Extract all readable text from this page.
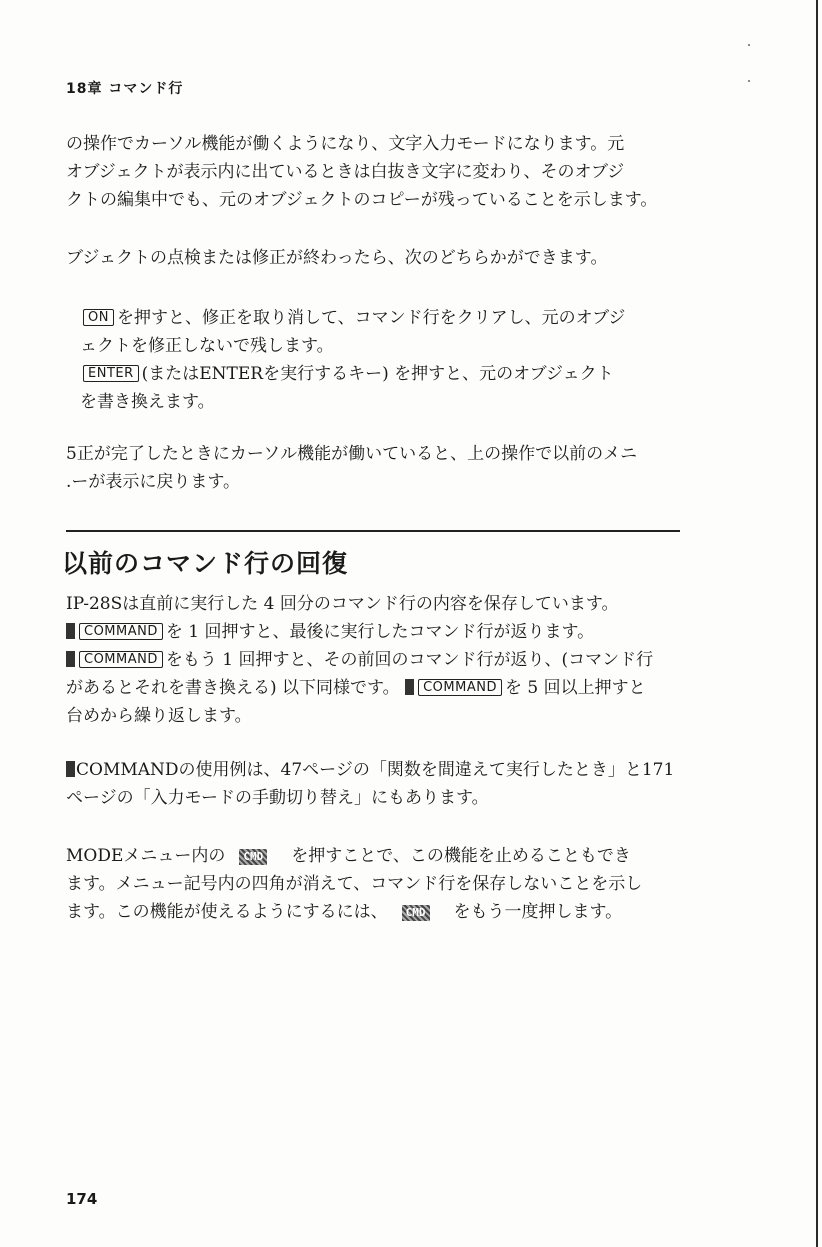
18章 コマンド行
の操作でカーソル機能が働くようになり、文字入力モードになります。元
オブジェクトが表示内に出ているときは白抜き文字に変わり、そのオブジ
クトの編集中でも、元のオブジェクトのコピーが残っていることを示します。
ブジェクトの点検または修正が終わったら、次のどちらかができます。
ON を押すと、修正を取り消して、コマンド行をクリアし、元のオブジ
ェクトを修正しないで残します。
ENTER (またはENTERを実行するキー) を押すと、元のオブジェクト
を書き換えます。
5正が完了したときにカーソル機能が働いていると、上の操作で以前のメニ
.ーが表示に戻ります。
以前のコマンド行の回復
IP-28Sは直前に実行した 4 回分のコマンド行の内容を保存しています。
COMMAND を 1 回押すと、最後に実行したコマンド行が返ります。
COMMAND をもう 1 回押すと、その前回のコマンド行が返り、(コマンド行
があるとそれを書き換える) 以下同様です。 COMMAND を 5 回以上押すと
台めから繰り返します。
COMMANDの使用例は、47ページの「関数を間違えて実行したとき」と171
ページの「入力モードの手動切り替え」にもあります。
MODEメニュー内の CMD を押すことで、この機能を止めることもでき
ます。メニュー記号内の四角が消えて、コマンド行を保存しないことを示し
ます。この機能が使えるようにするには、 CMD をもう一度押します。
174
